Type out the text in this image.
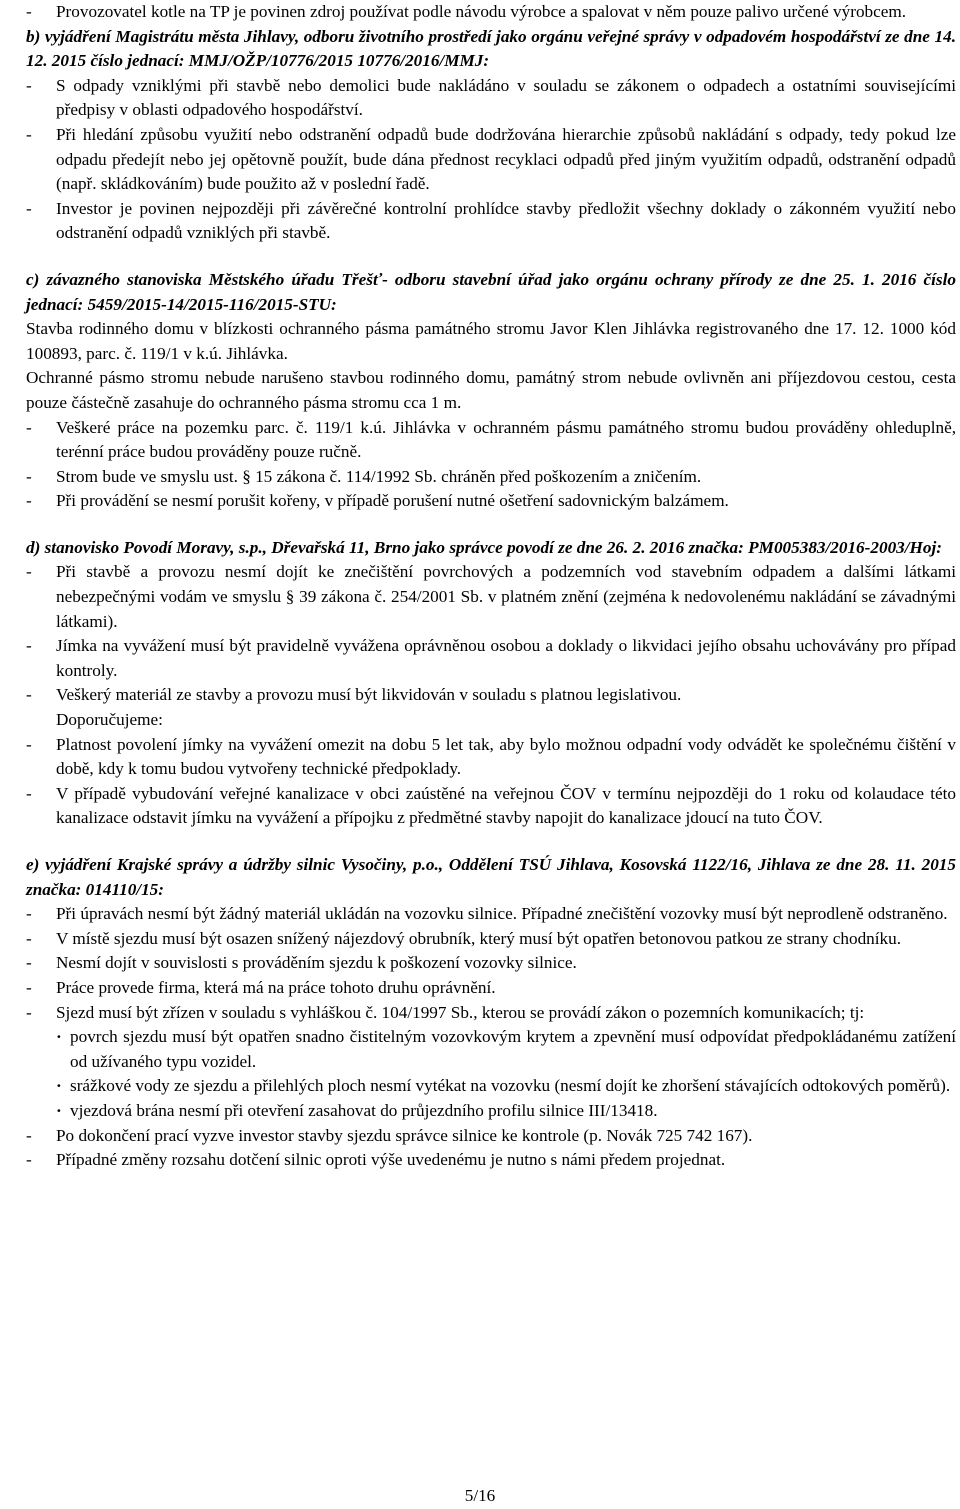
- Provozovatel kotle na TP je povinen zdroj používat podle návodu výrobce a spalovat v něm pouze palivo určené výrobcem.

b) vyjádření Magistrátu města Jihlavy, odboru životního prostředí jako orgánu veřejné správy v odpadovém hospodářství ze dne 14. 12. 2015 číslo jednací: MMJ/OŽP/10776/2015 10776/2016/MMJ:

- S odpady vzniklými při stavbě nebo demolici bude nakládáno v souladu se zákonem o odpadech a ostatními souvisejícími předpisy v oblasti odpadového hospodářství.
- Při hledání způsobu využití nebo odstranění odpadů bude dodržována hierarchie způsobů nakládání s odpady, tedy pokud lze odpadu předejít nebo jej opětovně použít, bude dána přednost recyklaci odpadů před jiným využitím odpadů, odstranění odpadů (např. skládkováním) bude použito až v poslední řadě.
- Investor je povinen nejpozději při závěrečné kontrolní prohlídce stavby předložit všechny doklady o zákonném využití nebo odstranění odpadů vzniklých při stavbě.

c) závazného stanoviska Městského úřadu Třešť- odboru stavební úřad jako orgánu ochrany přírody ze dne 25. 1. 2016 číslo jednací: 5459/2015-14/2015-116/2015-STU:

Stavba rodinného domu v blízkosti ochranného pásma památného stromu Javor Klen Jihlávka registrovaného dne 17. 12. 1000 kód 100893, parc. č. 119/1 v k.ú. Jihlávka.

Ochranné pásmo stromu nebude narušeno stavbou rodinného domu, památný strom nebude ovlivněn ani příjezdovou cestou, cesta pouze částečně zasahuje do ochranného pásma stromu cca 1 m.

- Veškeré práce na pozemku parc. č. 119/1 k.ú. Jihlávka v ochranném pásmu památného stromu budou prováděny ohleduplně, terénní práce budou prováděny pouze ručně.
- Strom bude ve smyslu ust. § 15 zákona č. 114/1992 Sb. chráněn před poškozením a zničením.
- Při provádění se nesmí porušit kořeny, v případě porušení nutné ošetření sadovnickým balzámem.

d) stanovisko Povodí Moravy, s.p., Dřevařská 11, Brno jako správce povodí ze dne 26. 2. 2016 značka: PM005383/2016-2003/Hoj:

- Při stavbě a provozu nesmí dojít ke znečištění povrchových a podzemních vod stavebním odpadem a dalšími látkami nebezpečnými vodám ve smyslu § 39 zákona č. 254/2001 Sb. v platném znění (zejména k nedovolenému nakládání se závadnými látkami).
- Jímka na vyvážení musí být pravidelně vyvážena oprávněnou osobou a doklady o likvidaci jejího obsahu uchovávány pro případ kontroly.
- Veškerý materiál ze stavby a provozu musí být likvidován v souladu s platnou legislativou.

Doporučujeme:

- Platnost povolení jímky na vyvážení omezit na dobu 5 let tak, aby bylo možnou odpadní vody odvádět ke společnému čištění v době, kdy k tomu budou vytvořeny technické předpoklady.
- V případě vybudování veřejné kanalizace v obci zaústěné na veřejnou ČOV v termínu nejpozději do 1 roku od kolaudace této kanalizace odstavit jímku na vyvážení a přípojku z předmětné stavby napojit do kanalizace jdoucí na tuto ČOV.

e) vyjádření Krajské správy a údržby silnic Vysočiny, p.o., Oddělení TSÚ Jihlava, Kosovská 1122/16, Jihlava ze dne 28. 11. 2015 značka: 014110/15:

- Při úpravách nesmí být žádný materiál ukládán na vozovku silnice. Případné znečištění vozovky musí být neprodleně odstraněno.
- V místě sjezdu musí být osazen snížený nájezdový obrubník, který musí být opatřen betonovou patkou ze strany chodníku.
- Nesmí dojít v souvislosti s prováděním sjezdu k poškození vozovky silnice.
- Práce provede firma, která má na práce tohoto druhu oprávnění.
- Sjezd musí být zřízen v souladu s vyhláškou č. 104/1997 Sb., kterou se provádí zákon o pozemních komunikacích; tj:
· povrch sjezdu musí být opatřen snadno čistitelným vozovkovým krytem a zpevnění musí odpovídat předpokládanému zatížení od užívaného typu vozidel.
· srážkové vody ze sjezdu a přilehlých ploch nesmí vytékat na vozovku (nesmí dojít ke zhoršení stávajících odtokových poměrů).
· vjezdová brána nesmí při otevření zasahovat do průjezdního profilu silnice III/13418.
- Po dokončení prací vyzve investor stavby sjezdu správce silnice ke kontrole (p. Novák 725 742 167).
- Případné změny rozsahu dotčení silnic oproti výše uvedenému je nutno s námi předem projednat.
5/16
